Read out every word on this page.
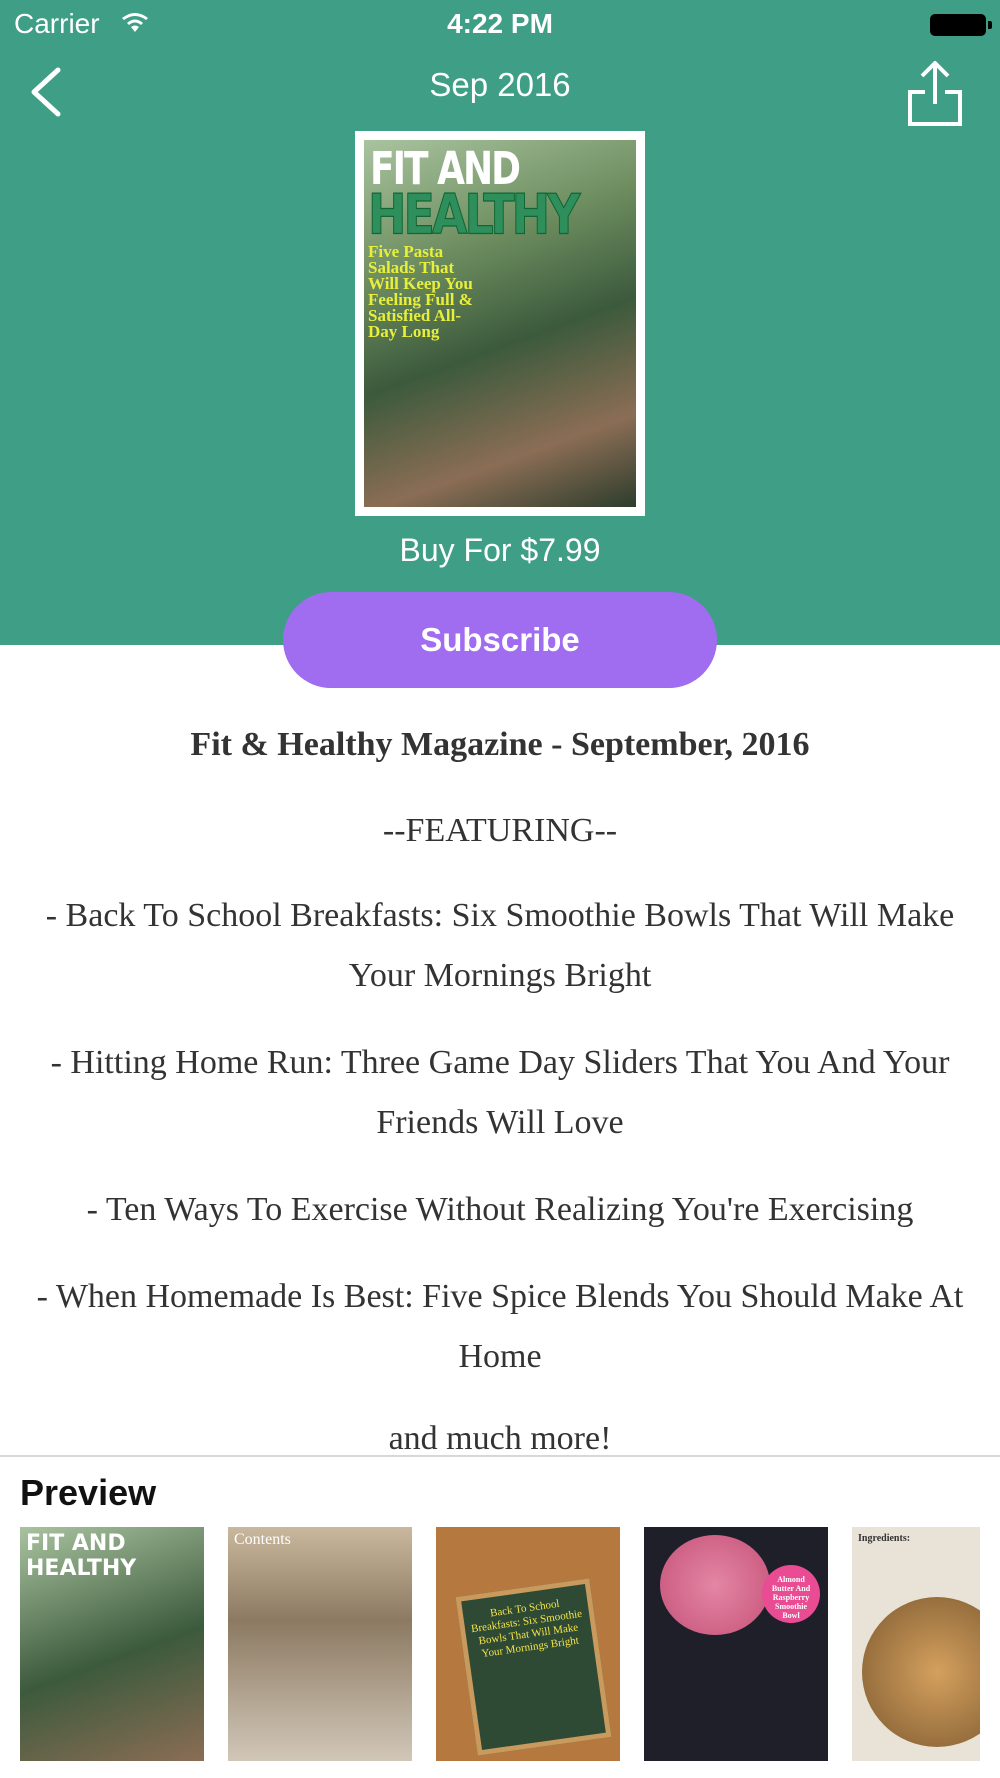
Carrier	4:22 PM
Sep 2016
FIT AND
HEALTHY
Five Pasta Salads That Will Keep You Feeling Full & Satisfied All-Day Long
Buy For $7.99
Subscribe
Fit & Healthy Magazine - September, 2016
--FEATURING--
- Back To School Breakfasts: Six Smoothie Bowls That Will Make Your Mornings Bright
- Hitting Home Run: Three Game Day Sliders That You And Your Friends Will Love
- Ten Ways To Exercise Without Realizing You're Exercising
- When Homemade Is Best: Five Spice Blends You Should Make At Home
and much more!
Preview
FIT AND HEALTHY
Contents
Back To School Breakfasts: Six Smoothie Bowls That Will Make Your Mornings Bright
Almond Butter And Raspberry Smoothie Bowl
Ingredients:
